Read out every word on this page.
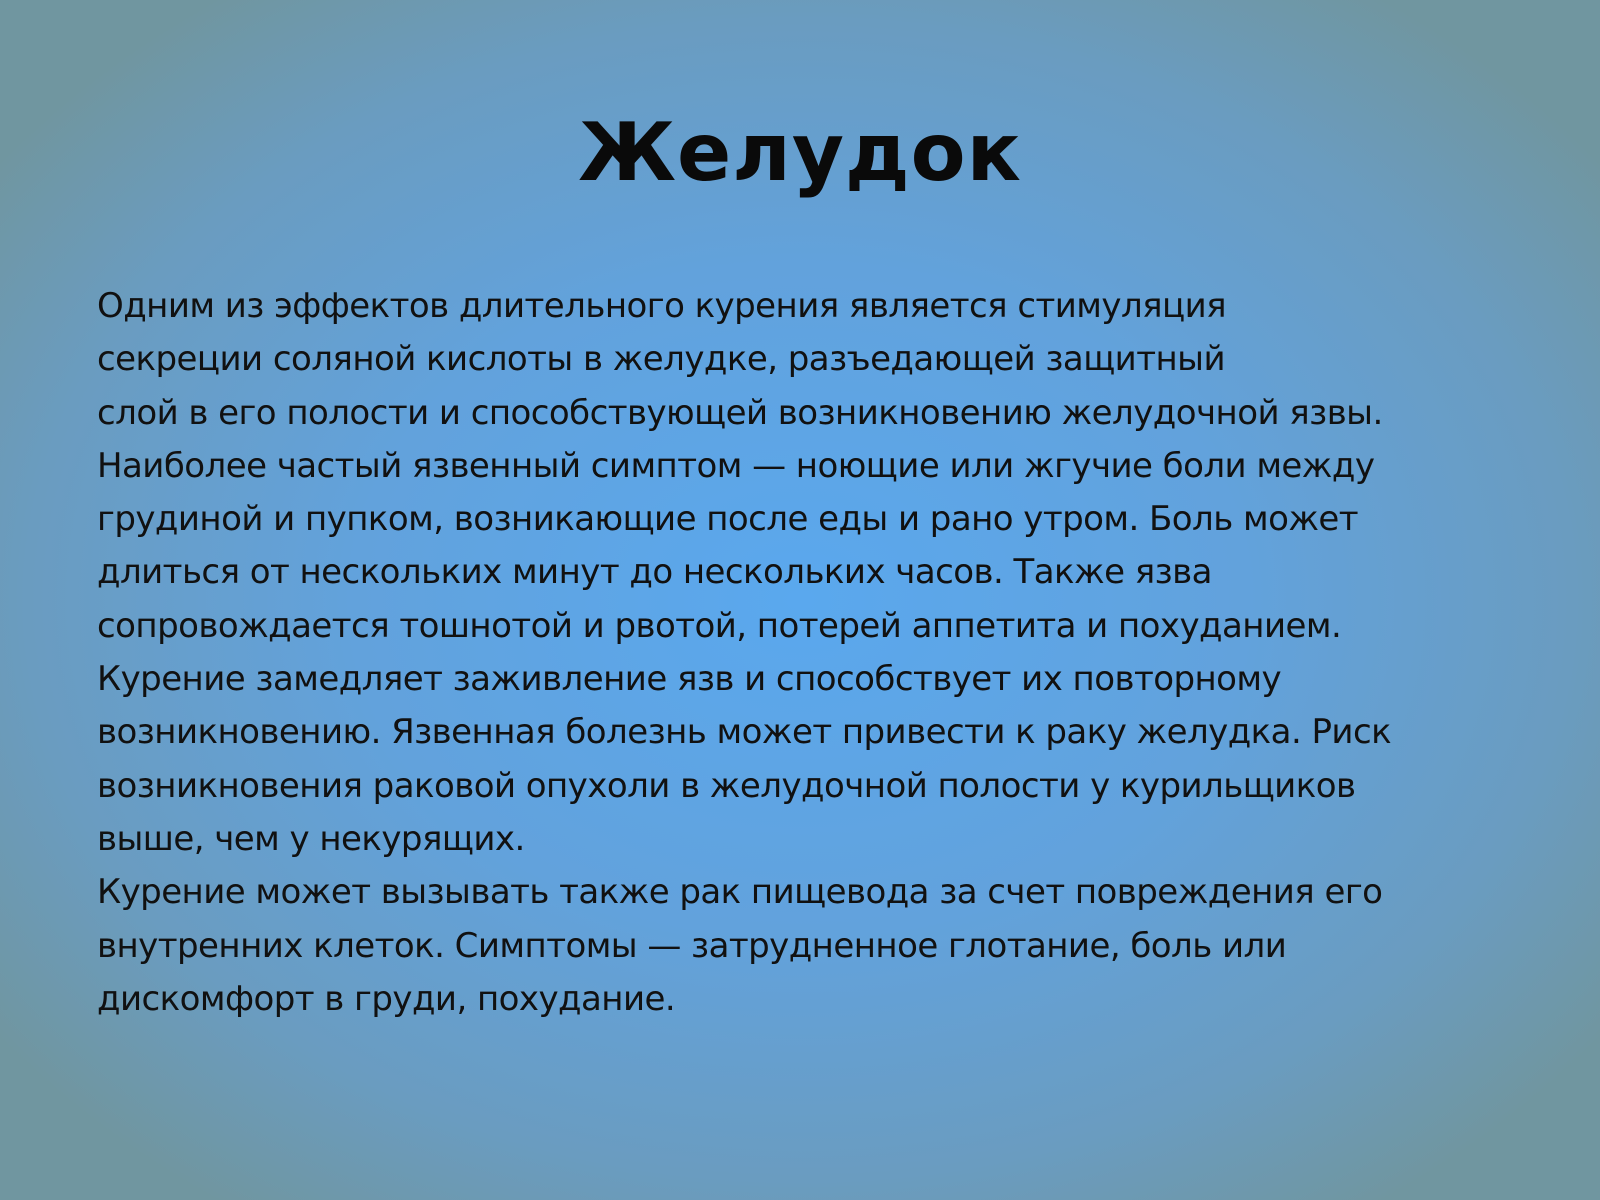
Желудок
Одним из эффектов длительного курения является стимуляция
секреции соляной кислоты в желудке, разъедающей защитный
слой в его полости и способствующей возникновению желудочной язвы.
Наиболее частый язвенный симптом — ноющие или жгучие боли между
грудиной и пупком, возникающие после еды и рано утром. Боль может
длиться от нескольких минут до нескольких часов. Также язва
сопровождается тошнотой и рвотой, потерей аппетита и похуданием.
Курение замедляет заживление язв и способствует их повторному
возникновению. Язвенная болезнь может привести к раку желудка. Риск
возникновения раковой опухоли в желудочной полости у курильщиков
выше, чем у некурящих.
Курение может вызывать также рак пищевода за счет повреждения его
внутренних клеток. Симптомы — затрудненное глотание, боль или
дискомфорт в груди, похудание.
